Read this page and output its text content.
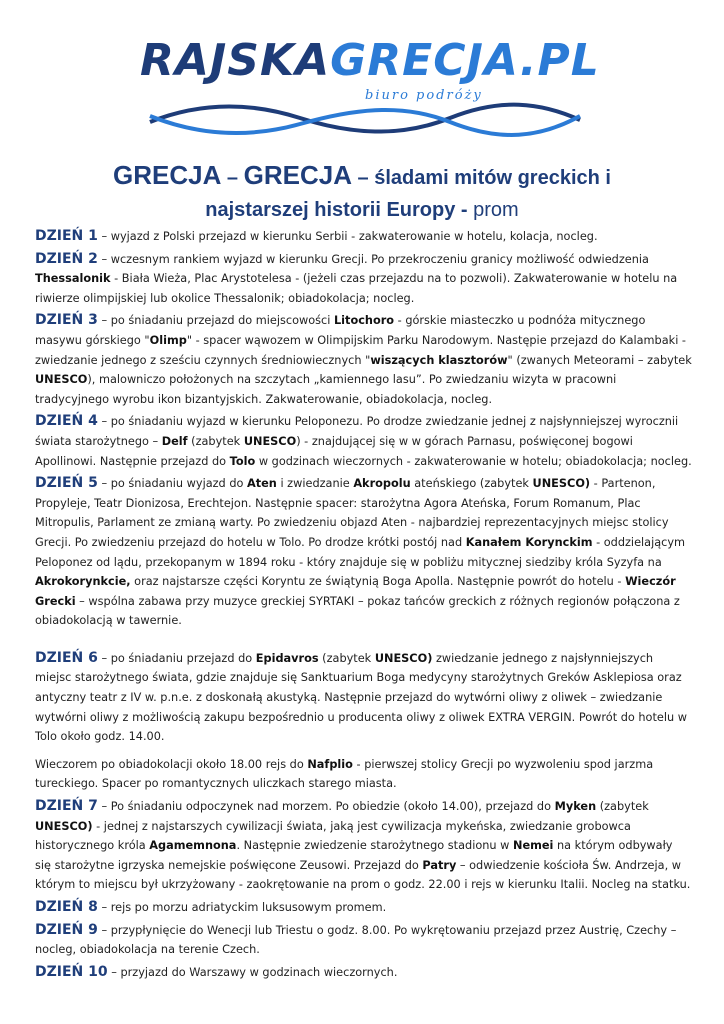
RAJSKAGRECJA.PL
biuro podróży
GRECJA – GRECJA – śladami mitów greckich i
najstarszej historii Europy - prom

DZIEŃ 1 – wyjazd z Polski przejazd w kierunku Serbii - zakwaterowanie w hotelu, kolacja, nocleg.

DZIEŃ 2 – wczesnym rankiem wyjazd w kierunku Grecji. Po przekroczeniu granicy możliwość odwiedzenia Thessalonik - Biała Wieża, Plac Arystotelesa - (jeżeli czas przejazdu na to pozwoli). Zakwaterowanie w hotelu na riwierze olimpijskiej lub okolice Thessalonik; obiadokolacja; nocleg.

DZIEŃ 3 – po śniadaniu przejazd do miejscowości Litochoro - górskie miasteczko u podnóża mitycznego masywu górskiego "Olimp" - spacer wąwozem w Olimpijskim Parku Narodowym. Następie przejazd do Kalambaki - zwiedzanie jednego z sześciu czynnych średniowiecznych "wiszących klasztorów" (zwanych Meteorami – zabytek UNESCO), malowniczo położonych na szczytach „kamiennego lasu”. Po zwiedzaniu wizyta w pracowni tradycyjnego wyrobu ikon bizantyjskich. Zakwaterowanie, obiadokolacja, nocleg.

DZIEŃ 4 – po śniadaniu wyjazd w kierunku Peloponezu. Po drodze zwiedzanie jednej z najsłynniejszej wyrocznii świata starożytnego – Delf (zabytek UNESCO) - znajdującej się w w górach Parnasu, poświęconej bogowi Apollinowi. Następnie przejazd do Tolo w godzinach wieczornych - zakwaterowanie w hotelu; obiadokolacja; nocleg.

DZIEŃ 5 – po śniadaniu wyjazd do Aten i zwiedzanie Akropolu ateńskiego (zabytek UNESCO) - Partenon, Propyleje, Teatr Dionizosa, Erechtejon. Następnie spacer: starożytna Agora Ateńska, Forum Romanum, Plac Mitropulis, Parlament ze zmianą warty. Po zwiedzeniu objazd Aten - najbardziej reprezentacyjnych miejsc stolicy Grecji. Po zwiedzeniu przejazd do hotelu w Tolo. Po drodze krótki postój nad Kanałem Korynckim - oddzielającym Peloponez od lądu, przekopanym w 1894 roku - który znajduje się w pobliżu mitycznej siedziby króla Syzyfa na Akrokorynkcie, oraz najstarsze części Koryntu ze świątynią Boga Apolla. Następnie powrót do hotelu - Wieczór Grecki – wspólna zabawa przy muzyce greckiej SYRTAKI – pokaz tańców greckich z różnych regionów połączona z obiadokolacją w tawernie.

DZIEŃ 6 – po śniadaniu przejazd do Epidavros (zabytek UNESCO) zwiedzanie jednego z najsłynniejszych miejsc starożytnego świata, gdzie znajduje się Sanktuarium Boga medycyny starożytnych Greków Asklepiosa oraz antyczny teatr z IV w. p.n.e. z doskonałą akustyką. Następnie przejazd do wytwórni oliwy z oliwek – zwiedzanie wytwórni oliwy z możliwością zakupu bezpośrednio u producenta oliwy z oliwek EXTRA VERGIN. Powrót do hotelu w Tolo około godz. 14.00.

Wieczorem po obiadokolacji około 18.00 rejs do Nafplio - pierwszej stolicy Grecji po wyzwoleniu spod jarzma tureckiego. Spacer po romantycznych uliczkach starego miasta.

DZIEŃ 7 – Po śniadaniu odpoczynek nad morzem. Po obiedzie (około 14.00), przejazd do Myken (zabytek UNESCO) - jednej z najstarszych cywilizacji świata, jaką jest cywilizacja mykeńska, zwiedzanie grobowca historycznego króla Agamemnona. Następnie zwiedzenie starożytnego stadionu w Nemei na którym odbywały się starożytne igrzyska nemejskie poświęcone Zeusowi. Przejazd do Patry – odwiedzenie kościoła Św. Andrzeja, w którym to miejscu był ukrzyżowany - zaokrętowanie na prom o godz. 22.00 i rejs w kierunku Italii. Nocleg na statku.

DZIEŃ 8 – rejs po morzu adriatyckim luksusowym promem.

DZIEŃ 9 – przypłynięcie do Wenecji lub Triestu o godz. 8.00. Po wykrętowaniu przejazd przez Austrię, Czechy – nocleg, obiadokolacja na terenie Czech.

DZIEŃ 10 – przyjazd do Warszawy w godzinach wieczornych.
